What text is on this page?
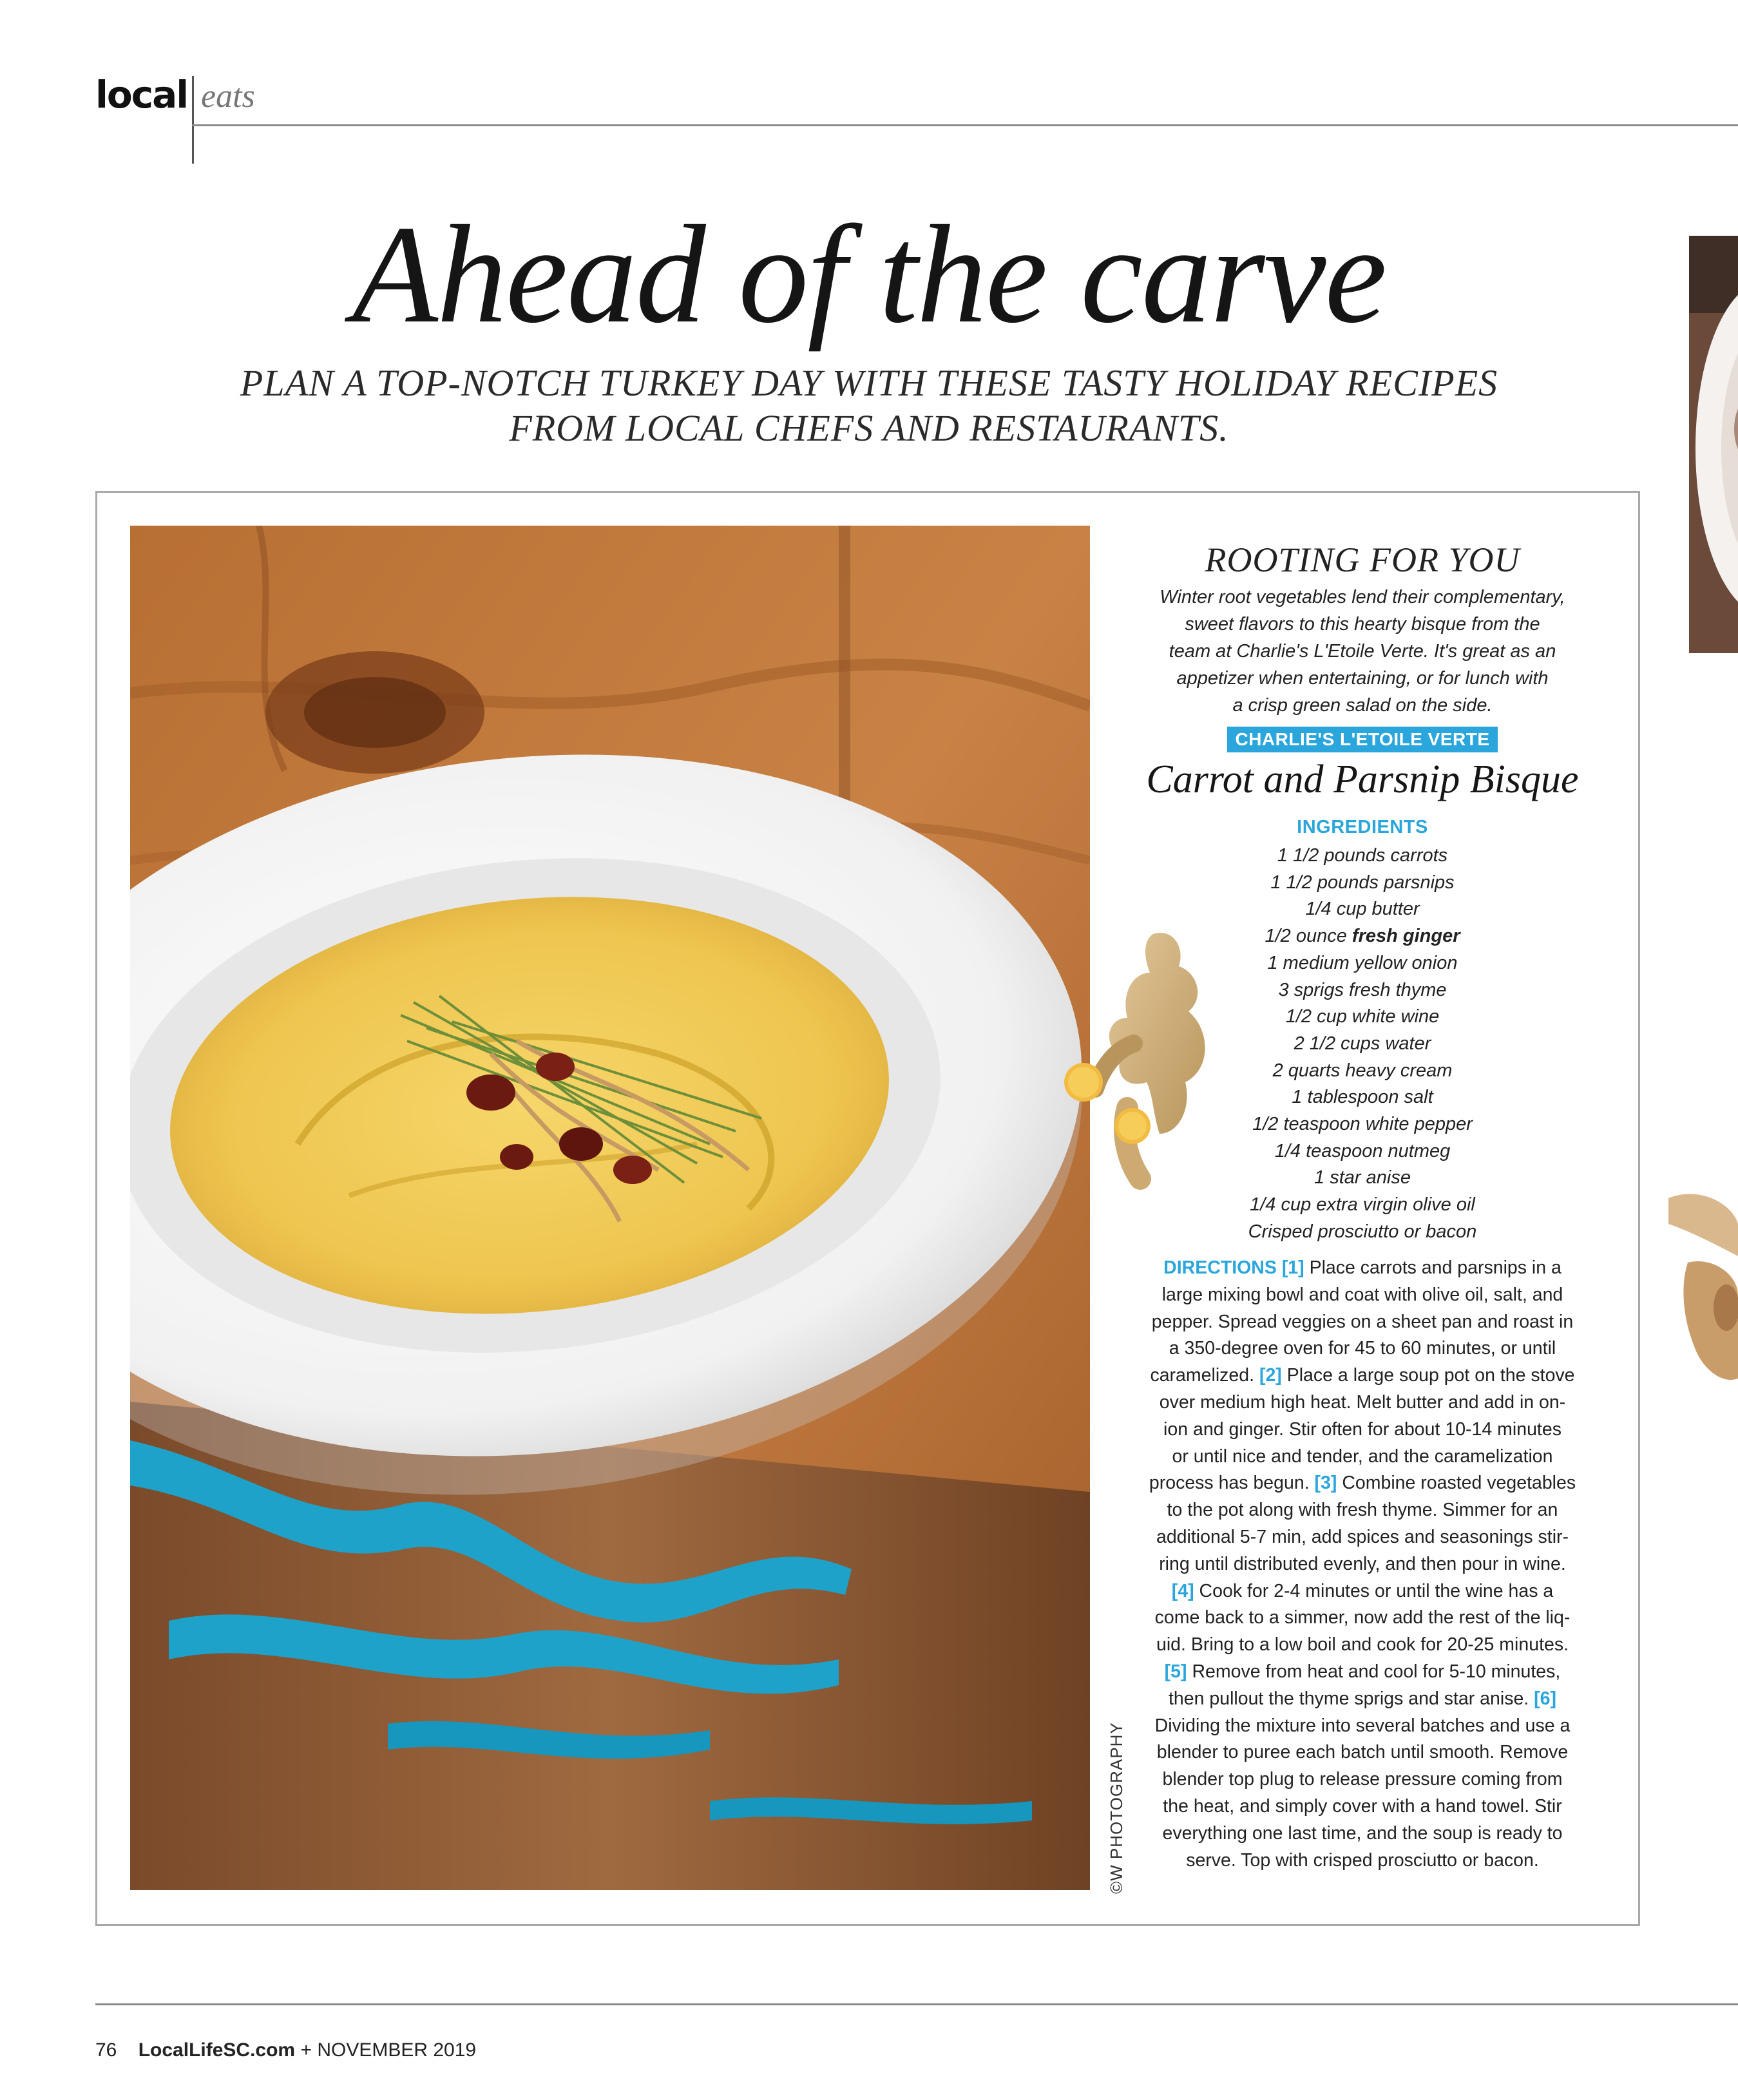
local eats
Ahead of the carve
PLAN A TOP-NOTCH TURKEY DAY WITH THESE TASTY HOLIDAY RECIPES
FROM LOCAL CHEFS AND RESTAURANTS.
©W PHOTOGRAPHY
ROOTING FOR YOU
Winter root vegetables lend their complementary,
sweet flavors to this hearty bisque from the
team at Charlie's L'Etoile Verte. It's great as an
appetizer when entertaining, or for lunch with
a crisp green salad on the side.
CHARLIE'S L'ETOILE VERTE
Carrot and Parsnip Bisque
INGREDIENTS
1 1/2 pounds carrots
1 1/2 pounds parsnips
1/4 cup butter
1/2 ounce fresh ginger
1 medium yellow onion
3 sprigs fresh thyme
1/2 cup white wine
2 1/2 cups water
2 quarts heavy cream
1 tablespoon salt
1/2 teaspoon white pepper
1/4 teaspoon nutmeg
1 star anise
1/4 cup extra virgin olive oil
Crisped prosciutto or bacon
DIRECTIONS [1] Place carrots and parsnips in a
large mixing bowl and coat with olive oil, salt, and
pepper. Spread veggies on a sheet pan and roast in
a 350-degree oven for 45 to 60 minutes, or until
caramelized. [2] Place a large soup pot on the stove
over medium high heat. Melt butter and add in on-
ion and ginger. Stir often for about 10-14 minutes
or until nice and tender, and the caramelization
process has begun. [3] Combine roasted vegetables
to the pot along with fresh thyme. Simmer for an
additional 5-7 min, add spices and seasonings stir-
ring until distributed evenly, and then pour in wine.
[4] Cook for 2-4 minutes or until the wine has a
come back to a simmer, now add the rest of the liq-
uid. Bring to a low boil and cook for 20-25 minutes.
[5] Remove from heat and cool for 5-10 minutes,
then pullout the thyme sprigs and star anise. [6]
Dividing the mixture into several batches and use a
blender to puree each batch until smooth. Remove
blender top plug to release pressure coming from
the heat, and simply cover with a hand towel. Stir
everything one last time, and the soup is ready to
serve. Top with crisped prosciutto or bacon.
76 LocalLifeSC.com + NOVEMBER 2019
